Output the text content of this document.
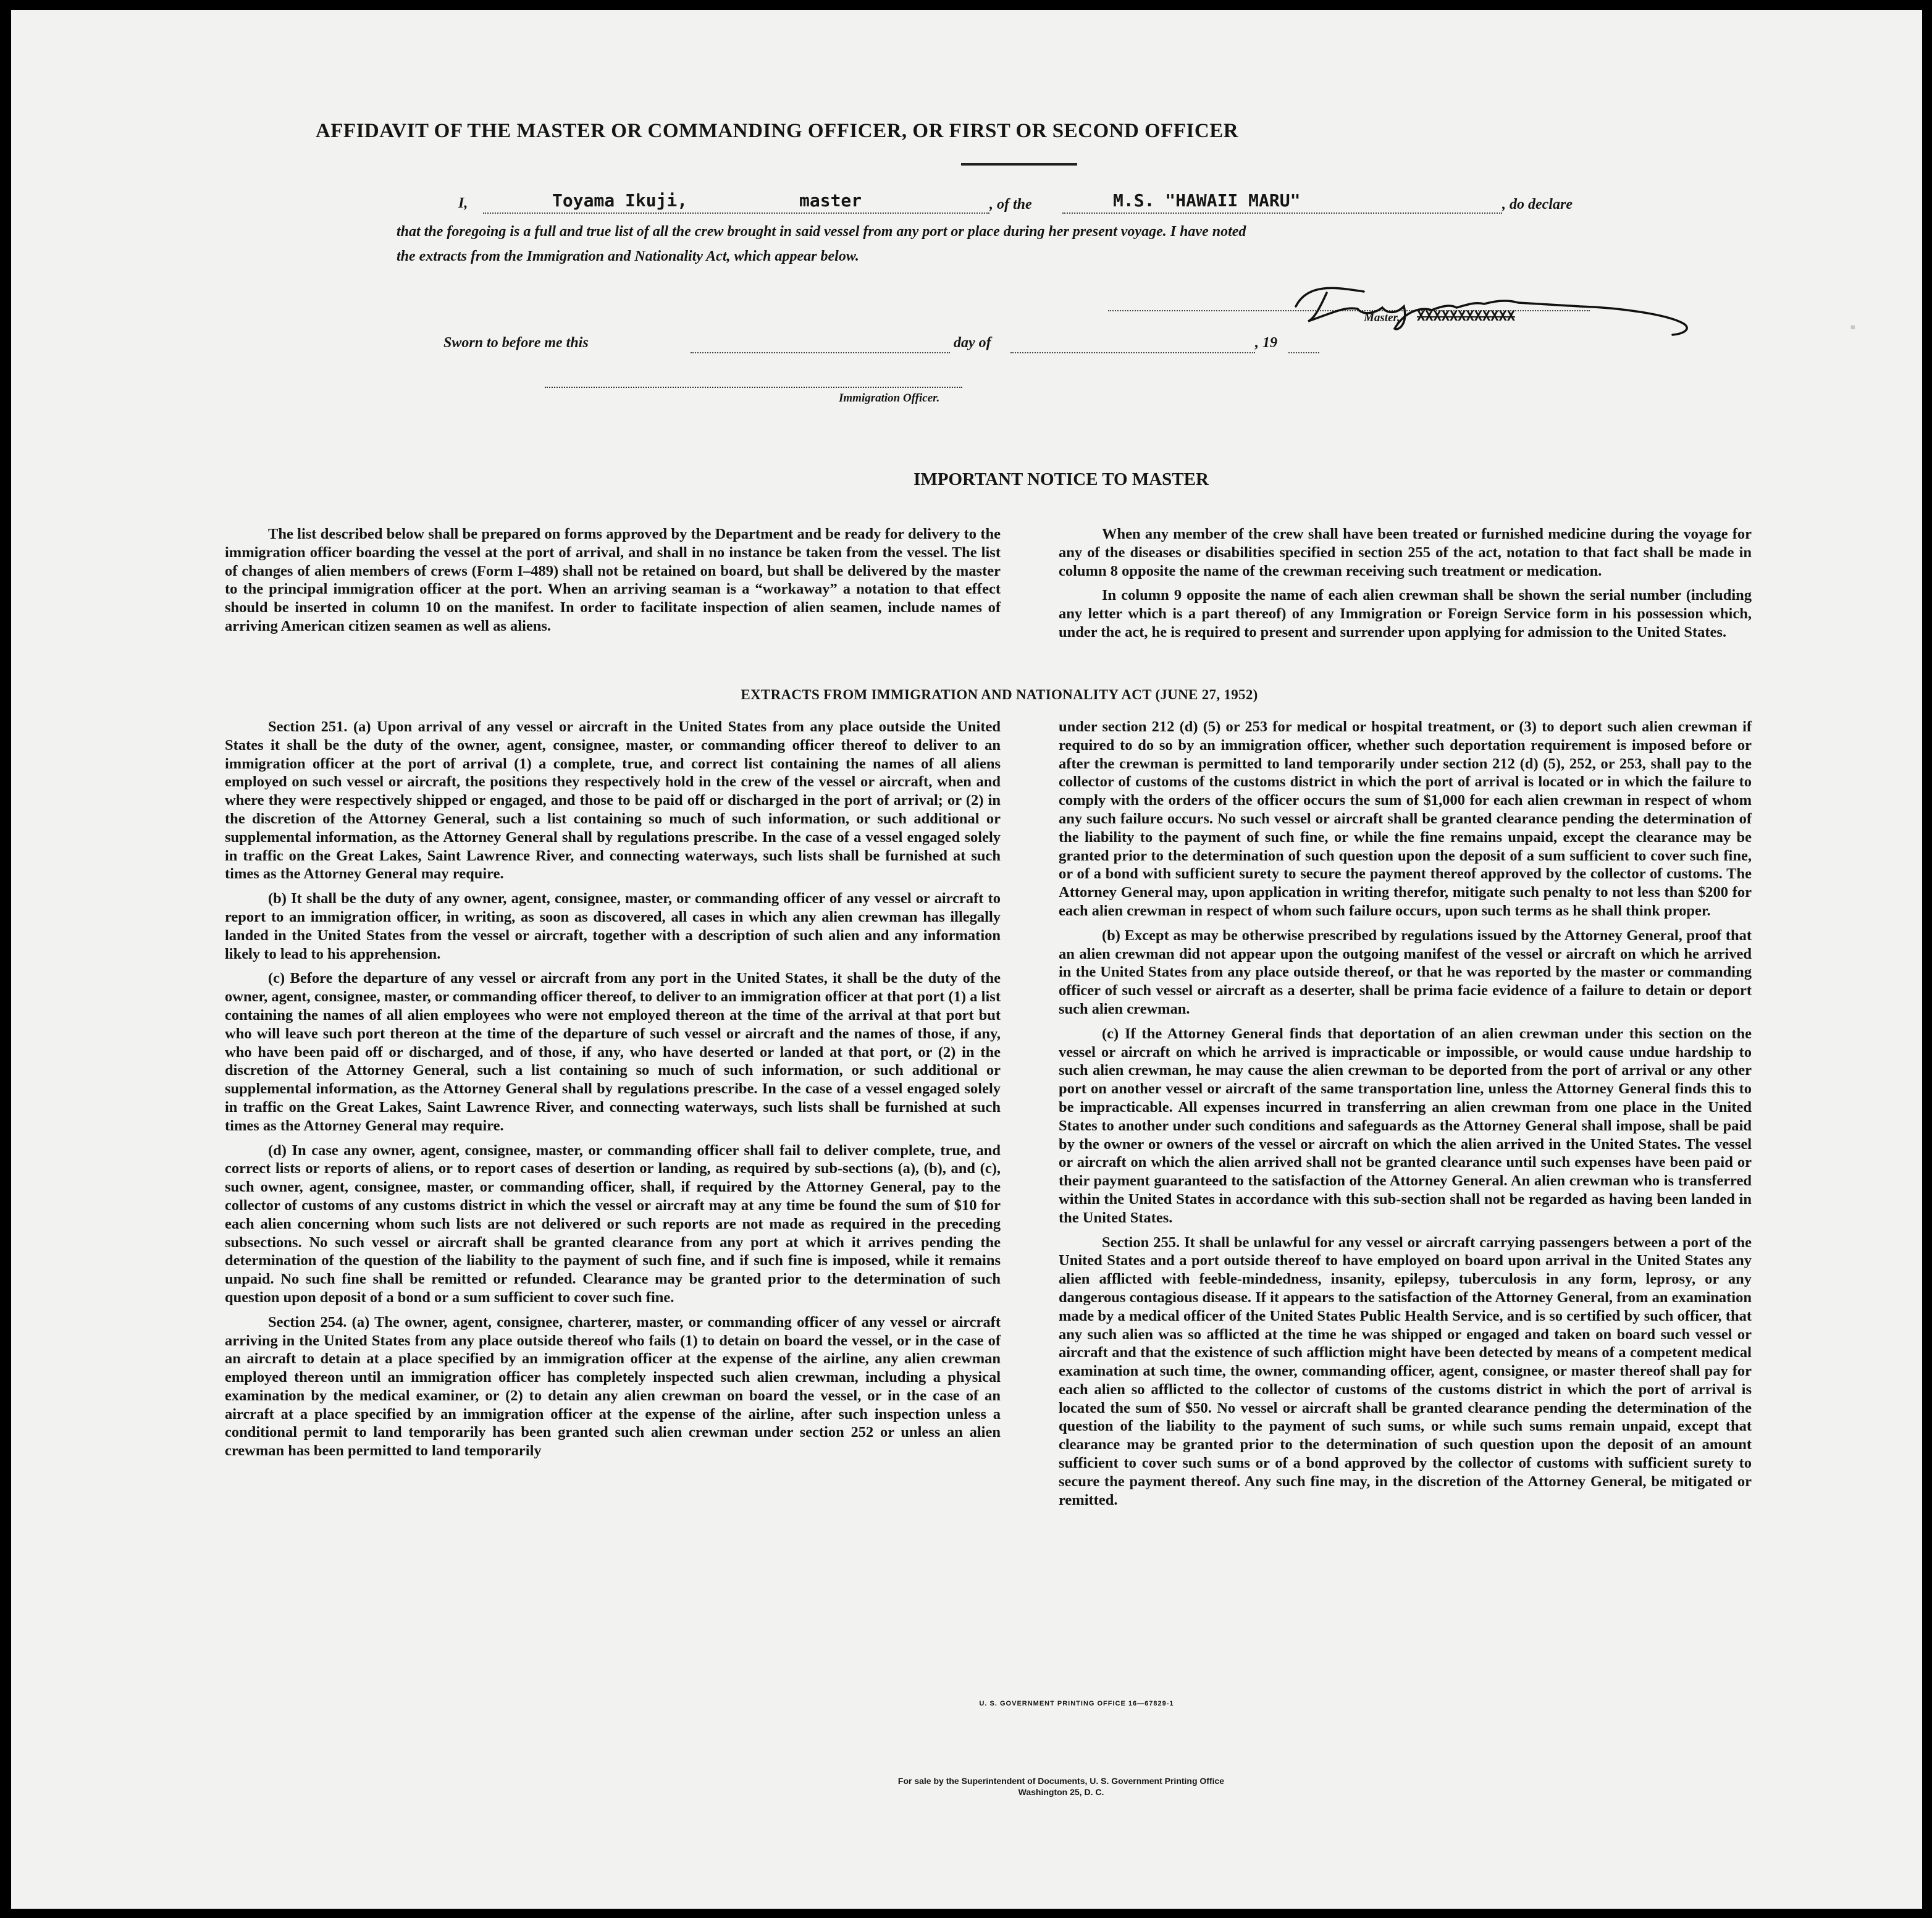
▪
AFFIDAVIT OF THE MASTER OR COMMANDING OFFICER, OR FIRST OR SECOND OFFICER
I,	Toyama Ikuji,	master	, of the	M.S. "HAWAII MARU"	, do declare
that the foregoing is a full and true list of all the crew brought in said vessel from any port or place during her present voyage. I have noted
the extracts from the Immigration and Nationality Act, which appear below.
Master, XXXXXXXXXXXX
Sworn to before me this	day of	, 19
Immigration Officer.
IMPORTANT NOTICE TO MASTER

The list described below shall be prepared on forms approved by the Department and be ready for delivery to the immigration officer boarding the vessel at the port of arrival, and shall in no instance be taken from the vessel. The list of changes of alien members of crews (Form I–489) shall not be retained on board, but shall be delivered by the master to the principal immigration officer at the port. When an arriving seaman is a “workaway” a notation to that effect should be inserted in column 10 on the manifest. In order to facilitate inspection of alien seamen, include names of arriving American citizen seamen as well as aliens.

When any member of the crew shall have been treated or furnished medicine during the voyage for any of the diseases or disabilities specified in section 255 of the act, notation to that fact shall be made in column 8 opposite the name of the crewman receiving such treatment or medication.

In column 9 opposite the name of each alien crewman shall be shown the serial number (including any letter which is a part thereof) of any Immigration or Foreign Service form in his possession which, under the act, he is required to present and surrender upon applying for admission to the United States.

EXTRACTS FROM IMMIGRATION AND NATIONALITY ACT (JUNE 27, 1952)

Section 251. (a) Upon arrival of any vessel or aircraft in the United States from any place outside the United States it shall be the duty of the owner, agent, consignee, master, or commanding officer thereof to deliver to an immigration officer at the port of arrival (1) a complete, true, and correct list containing the names of all aliens employed on such vessel or aircraft, the positions they respectively hold in the crew of the vessel or aircraft, when and where they were respectively shipped or engaged, and those to be paid off or discharged in the port of arrival; or (2) in the discretion of the Attorney General, such a list containing so much of such information, or such additional or supplemental information, as the Attorney General shall by regulations prescribe. In the case of a vessel engaged solely in traffic on the Great Lakes, Saint Lawrence River, and connecting waterways, such lists shall be furnished at such times as the Attorney General may require.

(b) It shall be the duty of any owner, agent, consignee, master, or commanding officer of any vessel or aircraft to report to an immigration officer, in writing, as soon as discovered, all cases in which any alien crewman has illegally landed in the United States from the vessel or aircraft, together with a description of such alien and any information likely to lead to his apprehension.

(c) Before the departure of any vessel or aircraft from any port in the United States, it shall be the duty of the owner, agent, consignee, master, or commanding officer thereof, to deliver to an immigration officer at that port (1) a list containing the names of all alien employees who were not employed thereon at the time of the arrival at that port but who will leave such port thereon at the time of the departure of such vessel or aircraft and the names of those, if any, who have been paid off or discharged, and of those, if any, who have deserted or landed at that port, or (2) in the discretion of the Attorney General, such a list containing so much of such information, or such additional or supplemental information, as the Attorney General shall by regulations prescribe. In the case of a vessel engaged solely in traffic on the Great Lakes, Saint Lawrence River, and connecting waterways, such lists shall be furnished at such times as the Attorney General may require.

(d) In case any owner, agent, consignee, master, or commanding officer shall fail to deliver complete, true, and correct lists or reports of aliens, or to report cases of desertion or landing, as required by sub-sections (a), (b), and (c), such owner, agent, consignee, master, or commanding officer, shall, if required by the Attorney General, pay to the collector of customs of any customs district in which the vessel or aircraft may at any time be found the sum of $10 for each alien concerning whom such lists are not delivered or such reports are not made as required in the preceding subsections. No such vessel or aircraft shall be granted clearance from any port at which it arrives pending the determination of the question of the liability to the payment of such fine, and if such fine is imposed, while it remains unpaid. No such fine shall be remitted or refunded. Clearance may be granted prior to the determination of such question upon deposit of a bond or a sum sufficient to cover such fine.

Section 254. (a) The owner, agent, consignee, charterer, master, or commanding officer of any vessel or aircraft arriving in the United States from any place outside thereof who fails (1) to detain on board the vessel, or in the case of an aircraft to detain at a place specified by an immigration officer at the expense of the airline, any alien crewman employed thereon until an immigration officer has completely inspected such alien crewman, including a physical examination by the medical examiner, or (2) to detain any alien crewman on board the vessel, or in the case of an aircraft at a place specified by an immigration officer at the expense of the airline, after such inspection unless a conditional permit to land temporarily has been granted such alien crewman under section 252 or unless an alien crewman has been permitted to land temporarily

under section 212 (d) (5) or 253 for medical or hospital treatment, or (3) to deport such alien crewman if required to do so by an immigration officer, whether such deportation requirement is imposed before or after the crewman is permitted to land temporarily under section 212 (d) (5), 252, or 253, shall pay to the collector of customs of the customs district in which the port of arrival is located or in which the failure to comply with the orders of the officer occurs the sum of $1,000 for each alien crewman in respect of whom any such failure occurs. No such vessel or aircraft shall be granted clearance pending the determination of the liability to the payment of such fine, or while the fine remains unpaid, except the clearance may be granted prior to the determination of such question upon the deposit of a sum sufficient to cover such fine, or of a bond with sufficient surety to secure the payment thereof approved by the collector of customs. The Attorney General may, upon application in writing therefor, mitigate such penalty to not less than $200 for each alien crewman in respect of whom such failure occurs, upon such terms as he shall think proper.

(b) Except as may be otherwise prescribed by regulations issued by the Attorney General, proof that an alien crewman did not appear upon the outgoing manifest of the vessel or aircraft on which he arrived in the United States from any place outside thereof, or that he was reported by the master or commanding officer of such vessel or aircraft as a deserter, shall be prima facie evidence of a failure to detain or deport such alien crewman.

(c) If the Attorney General finds that deportation of an alien crewman under this section on the vessel or aircraft on which he arrived is impracticable or impossible, or would cause undue hardship to such alien crewman, he may cause the alien crewman to be deported from the port of arrival or any other port on another vessel or aircraft of the same transportation line, unless the Attorney General finds this to be impracticable. All expenses incurred in transferring an alien crewman from one place in the United States to another under such conditions and safeguards as the Attorney General shall impose, shall be paid by the owner or owners of the vessel or aircraft on which the alien arrived in the United States. The vessel or aircraft on which the alien arrived shall not be granted clearance until such expenses have been paid or their payment guaranteed to the satisfaction of the Attorney General. An alien crewman who is transferred within the United States in accordance with this sub-section shall not be regarded as having been landed in the United States.

Section 255. It shall be unlawful for any vessel or aircraft carrying passengers between a port of the United States and a port outside thereof to have employed on board upon arrival in the United States any alien afflicted with feeble-mindedness, insanity, epilepsy, tuberculosis in any form, leprosy, or any dangerous contagious disease. If it appears to the satisfaction of the Attorney General, from an examination made by a medical officer of the United States Public Health Service, and is so certified by such officer, that any such alien was so afflicted at the time he was shipped or engaged and taken on board such vessel or aircraft and that the existence of such affliction might have been detected by means of a competent medical examination at such time, the owner, commanding officer, agent, consignee, or master thereof shall pay for each alien so afflicted to the collector of customs of the customs district in which the port of arrival is located the sum of $50. No vessel or aircraft shall be granted clearance pending the determination of the question of the liability to the payment of such sums, or while such sums remain unpaid, except that clearance may be granted prior to the determination of such question upon the deposit of an amount sufficient to cover such sums or of a bond approved by the collector of customs with sufficient surety to secure the payment thereof. Any such fine may, in the discretion of the Attorney General, be mitigated or remitted.

U. S. GOVERNMENT PRINTING OFFICE 16—67829-1
For sale by the Superintendent of Documents, U. S. Government Printing Office
Washington 25, D. C.
